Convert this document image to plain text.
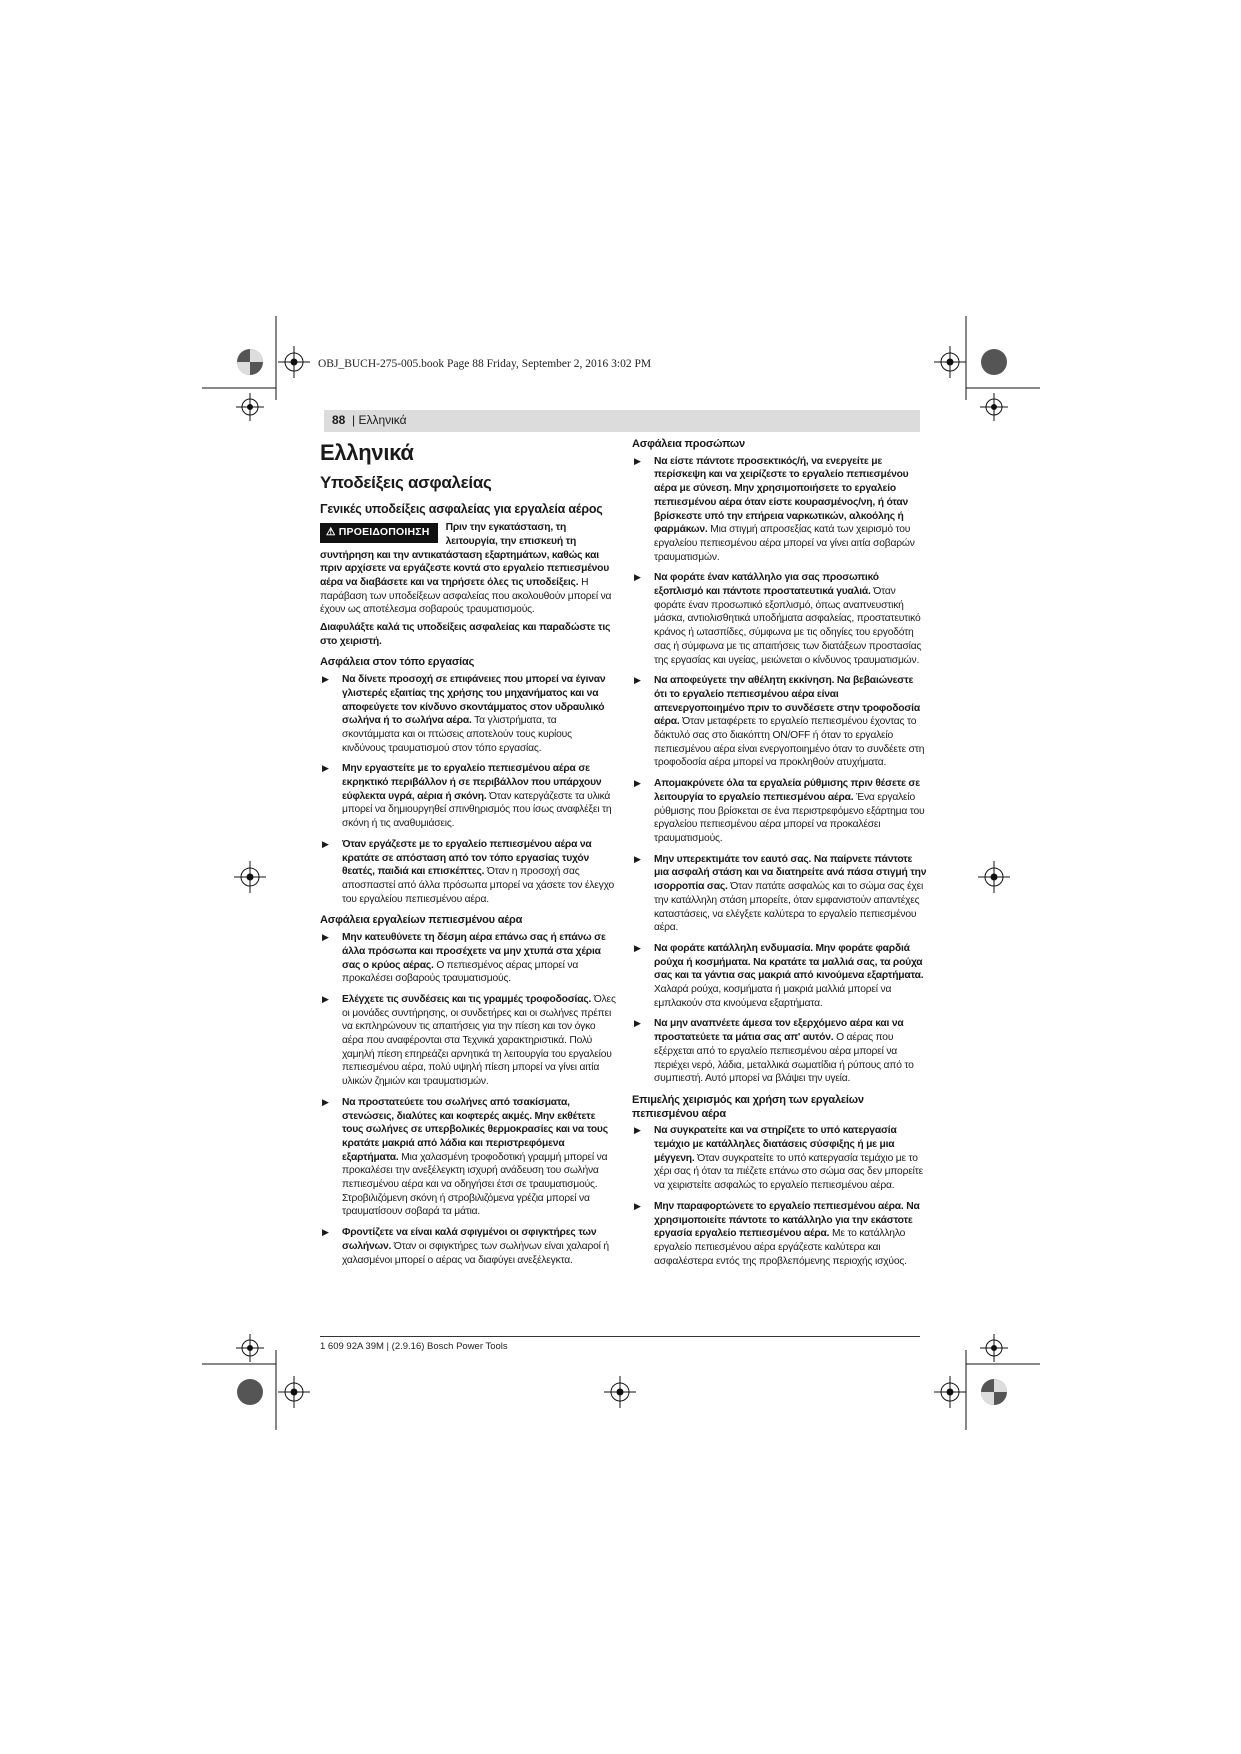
OBJ_BUCH-275-005.book Page 88 Friday, September 2, 2016 3:02 PM
88 | Ελληνικά
Ελληνικά
Υποδείξεις ασφαλείας
Γενικές υποδείξεις ασφαλείας για εργαλεία αέρος
⚠ ΠΡΟΕΙΔΟΠΟΙΗΣΗ	Πριν την εγκατάσταση, τη λειτουργία, την επισκευή τη συντήρηση και την αντικατάσταση εξαρτημάτων, καθώς και πριν αρχίσετε να εργάζεστε κοντά στο εργαλείο πεπιεσμένου αέρα να διαβάσετε και να τηρήσετε όλες τις υποδείξεις. Η παράβαση των υποδείξεων ασφαλείας που ακολουθούν μπορεί να έχουν ως αποτέλεσμα σοβαρούς τραυματισμούς.

Διαφυλάξτε καλά τις υποδείξεις ασφαλείας και παραδώστε τις στο χειριστή.

Ασφάλεια στον τόπο εργασίας
▶ Να δίνετε προσοχή σε επιφάνειες που μπορεί να έγιναν γλιστερές εξαιτίας της χρήσης του μηχανήματος και να αποφεύγετε τον κίνδυνο σκοντάμματος στον υδραυλικό σωλήνα ή το σωλήνα αέρα. Τα γλιστρήματα, τα σκοντάμματα και οι πτώσεις αποτελούν τους κυρίους κινδύνους τραυματισμού στον τόπο εργασίας.
▶ Μην εργαστείτε με το εργαλείο πεπιεσμένου αέρα σε εκρηκτικό περιβάλλον ή σε περιβάλλον που υπάρχουν εύφλεκτα υγρά, αέρια ή σκόνη. Όταν κατεργάζεστε τα υλικά μπορεί να δημιουργηθεί σπινθηρισμός που ίσως αναφλέξει τη σκόνη ή τις αναθυμιάσεις.
▶ Όταν εργάζεστε με το εργαλείο πεπιεσμένου αέρα να κρατάτε σε απόσταση από τον τόπο εργασίας τυχόν θεατές, παιδιά και επισκέπτες. Όταν η προσοχή σας αποσπαστεί από άλλα πρόσωπα μπορεί να χάσετε τον έλεγχο του εργαλείου πεπιεσμένου αέρα.
Ασφάλεια εργαλείων πεπιεσμένου αέρα
▶ Μην κατευθύνετε τη δέσμη αέρα επάνω σας ή επάνω σε άλλα πρόσωπα και προσέχετε να μην χτυπά στα χέρια σας ο κρύος αέρας. Ο πεπιεσμένος αέρας μπορεί να προκαλέσει σοβαρούς τραυματισμούς.
▶ Ελέγχετε τις συνδέσεις και τις γραμμές τροφοδοσίας. Όλες οι μονάδες συντήρησης, οι συνδετήρες και οι σωλήνες πρέπει να εκπληρώνουν τις απαιτήσεις για την πίεση και τον όγκο αέρα που αναφέρονται στα Τεχνικά χαρακτηριστικά. Πολύ χαμηλή πίεση επηρεάζει αρνητικά τη λειτουργία του εργαλείου πεπιεσμένου αέρα, πολύ υψηλή πίεση μπορεί να γίνει αιτία υλικών ζημιών και τραυματισμών.
▶ Να προστατεύετε του σωλήνες από τσακίσματα, στενώσεις, διαλύτες και κοφτερές ακμές. Μην εκθέτετε τους σωλήνες σε υπερβολικές θερμοκρασίες και να τους κρατάτε μακριά από λάδια και περιστρεφόμενα εξαρτήματα. Μια χαλασμένη τροφοδοτική γραμμή μπορεί να προκαλέσει την ανεξέλεγκτη ισχυρή ανάδευση του σωλήνα πεπιεσμένου αέρα και να οδηγήσει έτσι σε τραυματισμούς. Στροβιλιζόμενη σκόνη ή στροβιλιζόμενα γρέζια μπορεί να τραυματίσουν σοβαρά τα μάτια.
▶ Φροντίζετε να είναι καλά σφιγμένοι οι σφιγκτήρες των σωλήνων. Όταν οι σφιγκτήρες των σωλήνων είναι χαλαροί ή χαλασμένοι μπορεί ο αέρας να διαφύγει ανεξέλεγκτα.
Ασφάλεια προσώπων
▶ Να είστε πάντοτε προσεκτικός/ή, να ενεργείτε με περίσκεψη και να χειρίζεστε το εργαλείο πεπιεσμένου αέρα με σύνεση. Μην χρησιμοποιήσετε το εργαλείο πεπιεσμένου αέρα όταν είστε κουρασμένος/νη, ή όταν βρίσκεστε υπό την επήρεια ναρκωτικών, αλκοόλης ή φαρμάκων. Μια στιγμή απροσεξίας κατά των χειρισμό του εργαλείου πεπιεσμένου αέρα μπορεί να γίνει αιτία σοβαρών τραυματισμών.
▶ Να φοράτε έναν κατάλληλο για σας προσωπικό εξοπλισμό και πάντοτε προστατευτικά γυαλιά. Όταν φοράτε έναν προσωπικό εξοπλισμό, όπως αναπνευστική μάσκα, αντιολισθητικά υποδήματα ασφαλείας, προστατευτικό κράνος ή ωτασπίδες, σύμφωνα με τις οδηγίες του εργοδότη σας ή σύμφωνα με τις απαιτήσεις των διατάξεων προστασίας της εργασίας και υγείας, μειώνεται ο κίνδυνος τραυματισμών.
▶ Να αποφεύγετε την αθέλητη εκκίνηση. Να βεβαιώνεστε ότι το εργαλείο πεπιεσμένου αέρα είναι απενεργοποιημένο πριν το συνδέσετε στην τροφοδοσία αέρα. Όταν μεταφέρετε το εργαλείο πεπιεσμένου έχοντας το δάκτυλό σας στο διακόπτη ON/OFF ή όταν το εργαλείο πεπιεσμένου αέρα είναι ενεργοποιημένο όταν το συνδέετε στη τροφοδοσία αέρα μπορεί να προκληθούν ατυχήματα.
▶ Απομακρύνετε όλα τα εργαλεία ρύθμισης πριν θέσετε σε λειτουργία το εργαλείο πεπιεσμένου αέρα. Ένα εργαλείο ρύθμισης που βρίσκεται σε ένα περιστρεφόμενο εξάρτημα του εργαλείου πεπιεσμένου αέρα μπορεί να προκαλέσει τραυματισμούς.
▶ Μην υπερεκτιμάτε τον εαυτό σας. Να παίρνετε πάντοτε μια ασφαλή στάση και να διατηρείτε ανά πάσα στιγμή την ισορροπία σας. Όταν πατάτε ασφαλώς και το σώμα σας έχει την κατάλληλη στάση μπορείτε, όταν εμφανιστούν απαντέχες καταστάσεις, να ελέγξετε καλύτερα το εργαλείο πεπιεσμένου αέρα.
▶ Να φοράτε κατάλληλη ενδυμασία. Μην φοράτε φαρδιά ρούχα ή κοσμήματα. Να κρατάτε τα μαλλιά σας, τα ρούχα σας και τα γάντια σας μακριά από κινούμενα εξαρτήματα. Χαλαρά ρούχα, κοσμήματα ή μακριά μαλλιά μπορεί να εμπλακούν στα κινούμενα εξαρτήματα.
▶ Να μην αναπνέετε άμεσα τον εξερχόμενο αέρα και να προστατεύετε τα μάτια σας απ' αυτόν. Ο αέρας που εξέρχεται από το εργαλείο πεπιεσμένου αέρα μπορεί να περιέχει νερό, λάδια, μεταλλικά σωματίδια ή ρύπους από το συμπιεστή. Αυτό μπορεί να βλάψει την υγεία.
Επιμελής χειρισμός και χρήση των εργαλείων πεπιεσμένου αέρα
▶ Να συγκρατείτε και να στηρίζετε το υπό κατεργασία τεμάχιο με κατάλληλες διατάσεις σύσφιξης ή με μια μέγγενη. Όταν συγκρατείτε το υπό κατεργασία τεμάχιο με το χέρι σας ή όταν τα πιέζετε επάνω στο σώμα σας δεν μπορείτε να χειριστείτε ασφαλώς το εργαλείο πεπιεσμένου αέρα.
▶ Μην παραφορτώνετε το εργαλείο πεπιεσμένου αέρα. Να χρησιμοποιείτε πάντοτε το κατάλληλο για την εκάστοτε εργασία εργαλείο πεπιεσμένου αέρα. Με το κατάλληλο εργαλείο πεπιεσμένου αέρα εργάζεστε καλύτερα και ασφαλέστερα εντός της προβλεπόμενης περιοχής ισχύος.
1 609 92A 39M | (2.9.16) Bosch Power Tools
